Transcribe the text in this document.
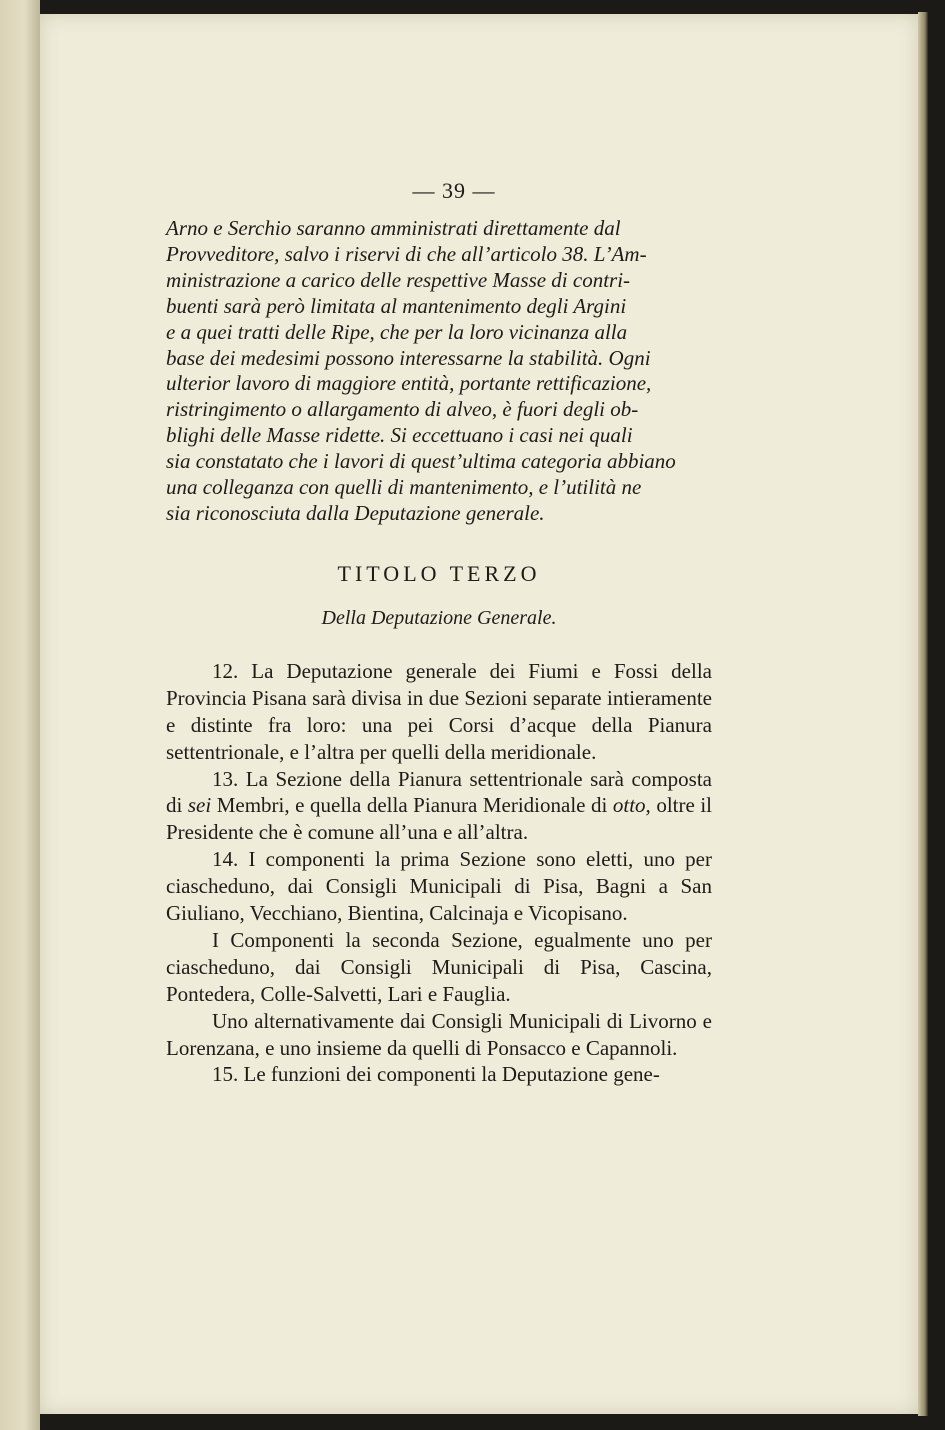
— 39 —

Arno e Serchio saranno amministrati direttamente dal

Provveditore, salvo i riservi di che all’articolo 38. L’Am-

ministrazione a carico delle respettive Masse di contri-

buenti sarà però limitata al mantenimento degli Argini

e a quei tratti delle Ripe, che per la loro vicinanza alla

base dei medesimi possono interessarne la stabilità. Ogni

ulterior lavoro di maggiore entità, portante rettificazione,

ristringimento o allargamento di alveo, è fuori degli ob-

blighi delle Masse ridette. Si eccettuano i casi nei quali

sia constatato che i lavori di quest’ultima categoria abbiano

una colleganza con quelli di mantenimento, e l’utilità ne

sia riconosciuta dalla Deputazione generale.

TITOLO TERZO
Della Deputazione Generale.

12. La Deputazione generale dei Fiumi e Fossi della Provincia Pisana sarà divisa in due Sezioni separate intieramente e distinte fra loro: una pei Corsi d’acque della Pianura settentrionale, e l’altra per quelli della meridionale.

13. La Sezione della Pianura settentrionale sarà composta di sei Membri, e quella della Pianura Meridionale di otto, oltre il Presidente che è comune all’una e all’altra.

14. I componenti la prima Sezione sono eletti, uno per ciascheduno, dai Consigli Municipali di Pisa, Bagni a San Giuliano, Vecchiano, Bientina, Calcinaja e Vicopisano.

I Componenti la seconda Sezione, egualmente uno per ciascheduno, dai Consigli Municipali di Pisa, Cascina, Pontedera, Colle-Salvetti, Lari e Fauglia.

Uno alternativamente dai Consigli Municipali di Livorno e Lorenzana, e uno insieme da quelli di Ponsacco e Capannoli.

15. Le funzioni dei componenti la Deputazione gene-
